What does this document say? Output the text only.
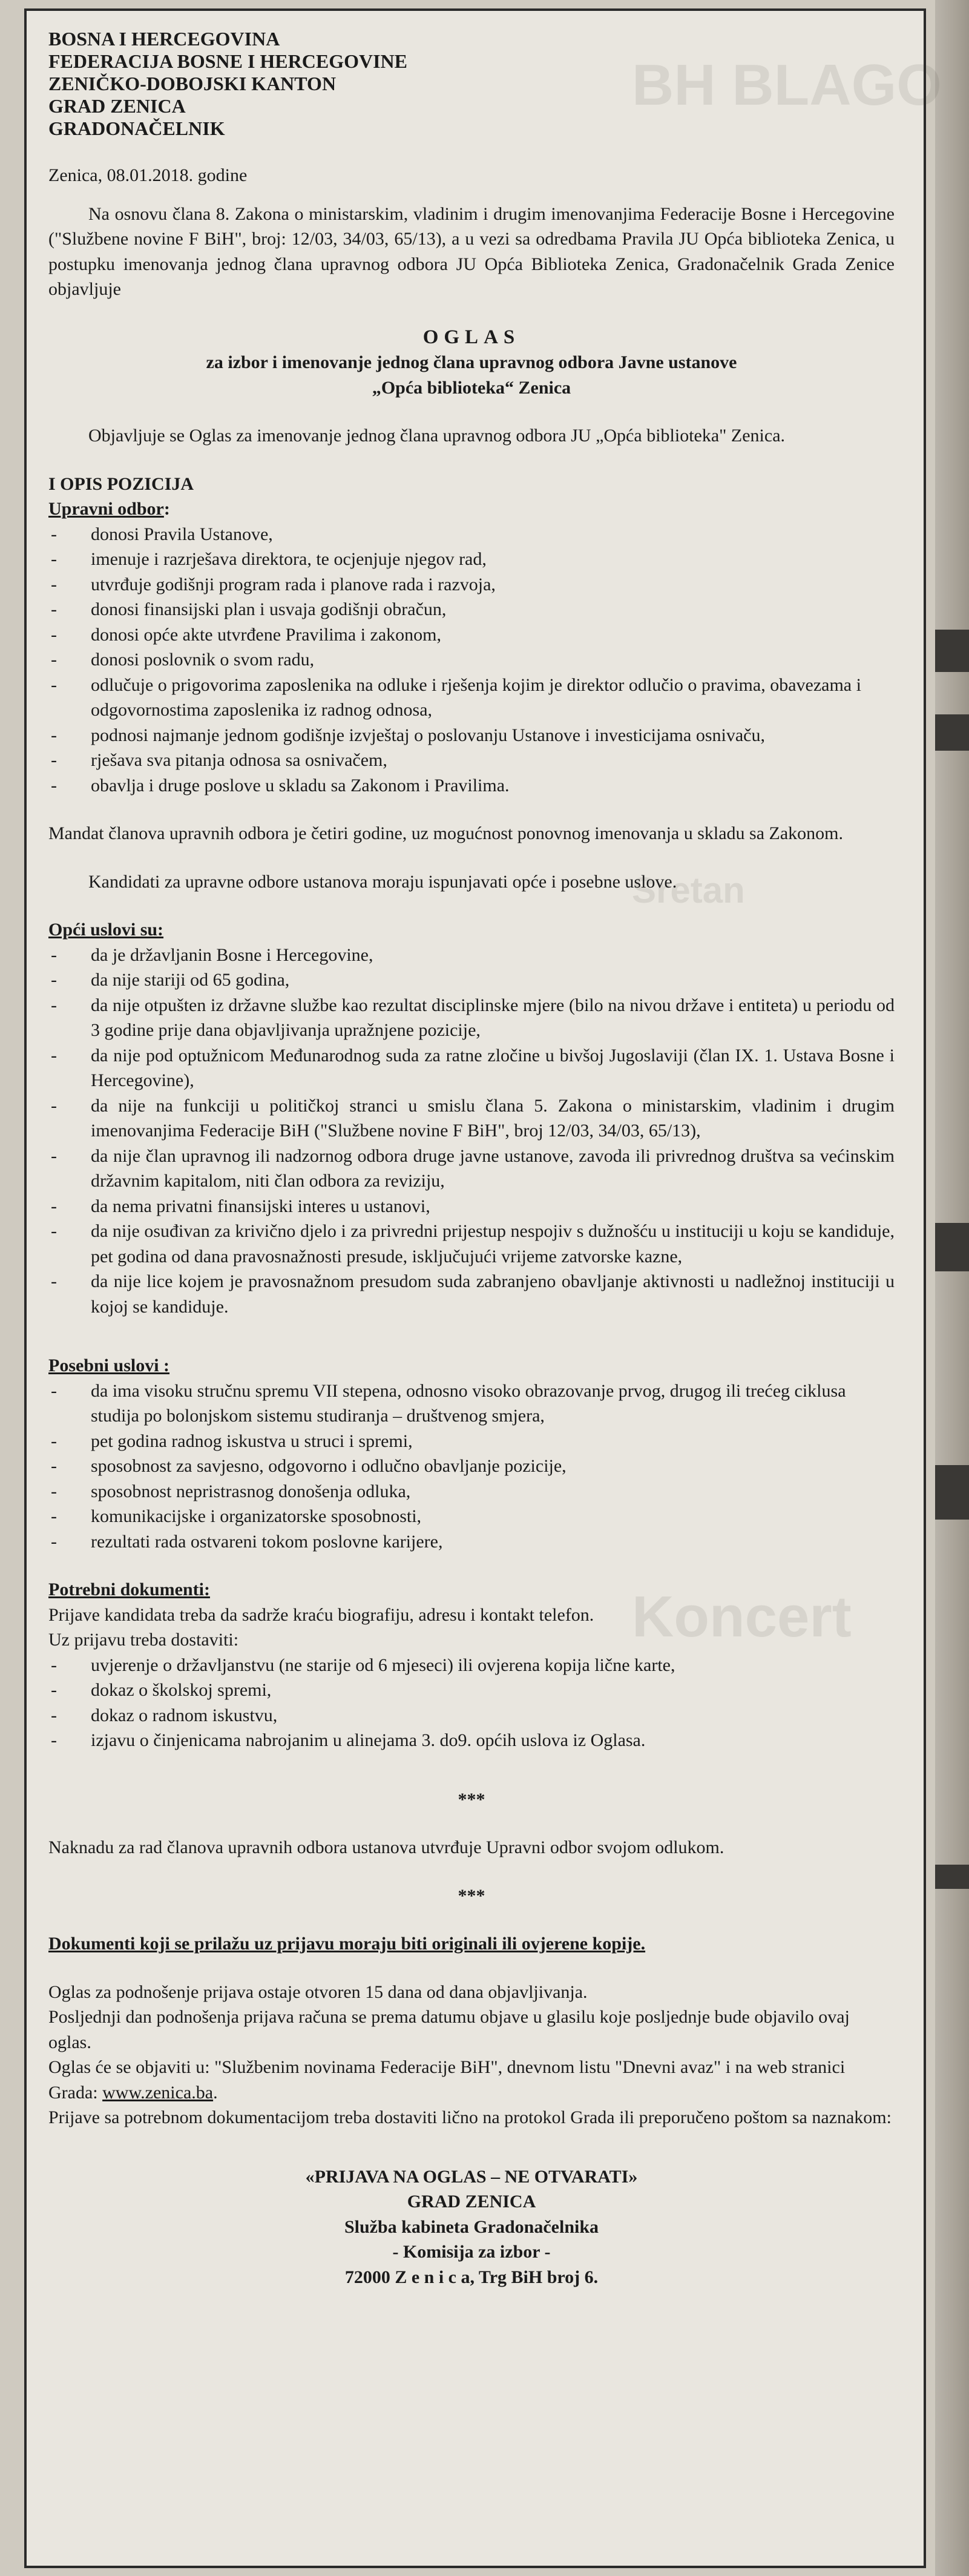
BH BLAGO
Koncert
Sretan

BOSNA I HERCEGOVINA

FEDERACIJA BOSNE I HERCEGOVINE

ZENIČKO-DOBOJSKI KANTON

GRAD ZENICA

GRADONAČELNIK

Zenica, 08.01.2018. godine

Na osnovu člana 8. Zakona o ministarskim, vladinim i drugim imenovanjima Federacije Bosne i Hercegovine ("Službene novine F BiH", broj: 12/03, 34/03, 65/13), a u vezi sa odredbama Pravila JU Opća biblioteka Zenica, u postupku imenovanja jednog člana upravnog odbora JU Opća Biblioteka Zenica, Gradonačelnik Grada Zenice objavljuje

OGLAS

za izbor i imenovanje jednog člana upravnog odbora Javne ustanove

„Opća biblioteka“ Zenica

Objavljuje se Oglas za imenovanje jednog člana upravnog odbora JU „Opća biblioteka" Zenica.

I OPIS POZICIJA

Upravni odbor:

- donosi Pravila Ustanove,
- imenuje i razrješava direktora, te ocjenjuje njegov rad,
- utvrđuje godišnji program rada i planove rada i razvoja,
- donosi finansijski plan i usvaja godišnji obračun,
- donosi opće akte utvrđene Pravilima i zakonom,
- donosi poslovnik o svom radu,
- odlučuje o prigovorima zaposlenika na odluke i rješenja kojim je direktor odlučio o pravima, obavezama i odgovornostima zaposlenika iz radnog odnosa,
- podnosi najmanje jednom godišnje izvještaj o poslovanju Ustanove i investicijama osnivaču,
- rješava sva pitanja odnosa sa osnivačem,
- obavlja i druge poslove u skladu sa Zakonom i Pravilima.

Mandat članova upravnih odbora je četiri godine, uz mogućnost ponovnog imenovanja u skladu sa Zakonom.

Kandidati za upravne odbore ustanova moraju ispunjavati opće i posebne uslove.

Opći uslovi su:

- da je državljanin Bosne i Hercegovine,
- da nije stariji od 65 godina,
- da nije otpušten iz državne službe kao rezultat disciplinske mjere (bilo na nivou države i entiteta) u periodu od 3 godine prije dana objavljivanja upražnjene pozicije,
- da nije pod optužnicom Međunarodnog suda za ratne zločine u bivšoj Jugoslaviji (član IX. 1. Ustava Bosne i Hercegovine),
- da nije na funkciji u političkoj stranci u smislu člana 5. Zakona o ministarskim, vladinim i drugim imenovanjima Federacije BiH ("Službene novine F BiH", broj 12/03, 34/03, 65/13),
- da nije član upravnog ili nadzornog odbora druge javne ustanove, zavoda ili privrednog društva sa većinskim državnim kapitalom, niti član odbora za reviziju,
- da nema privatni finansijski interes u ustanovi,
- da nije osuđivan za krivično djelo i za privredni prijestup nespojiv s dužnošću u instituciji u koju se kandiduje, pet godina od dana pravosnažnosti presude, isključujući vrijeme zatvorske kazne,
- da nije lice kojem je pravosnažnom presudom suda zabranjeno obavljanje aktivnosti u nadležnoj instituciji u kojoj se kandiduje.

Posebni uslovi :

- da ima visoku stručnu spremu VII stepena, odnosno visoko obrazovanje prvog, drugog ili trećeg ciklusa studija po bolonjskom sistemu studiranja – društvenog smjera,
- pet godina radnog iskustva u struci i spremi,
- sposobnost za savjesno, odgovorno i odlučno obavljanje pozicije,
- sposobnost nepristrasnog donošenja odluka,
- komunikacijske i organizatorske sposobnosti,
- rezultati rada ostvareni tokom poslovne karijere,

Potrebni dokumenti:

Prijave kandidata treba da sadrže kraću biografiju, adresu i kontakt telefon.

Uz prijavu treba dostaviti:

- uvjerenje o državljanstvu (ne starije od 6 mjeseci) ili ovjerena kopija lične karte,
- dokaz o školskoj spremi,
- dokaz o radnom iskustvu,
- izjavu o činjenicama nabrojanim u alinejama 3. do9. općih uslova iz Oglasa.

***

Naknadu za rad članova upravnih odbora ustanova utvrđuje Upravni odbor svojom odlukom.

***

Dokumenti koji se prilažu uz prijavu moraju biti originali ili ovjerene kopije.

Oglas za podnošenje prijava ostaje otvoren 15 dana od dana objavljivanja.

Posljednji dan podnošenja prijava računa se prema datumu objave u glasilu koje posljednje bude objavilo ovaj oglas.

Oglas će se objaviti u: "Službenim novinama Federacije BiH", dnevnom listu "Dnevni avaz" i na web stranici Grada: www.zenica.ba.

Prijave sa potrebnom dokumentacijom treba dostaviti lično na protokol Grada ili preporučeno poštom sa naznakom:

«PRIJAVA NA OGLAS – NE OTVARATI»

GRAD ZENICA

Služba kabineta Gradonačelnika

- Komisija za izbor -

72000 Z e n i c a, Trg BiH broj 6.
